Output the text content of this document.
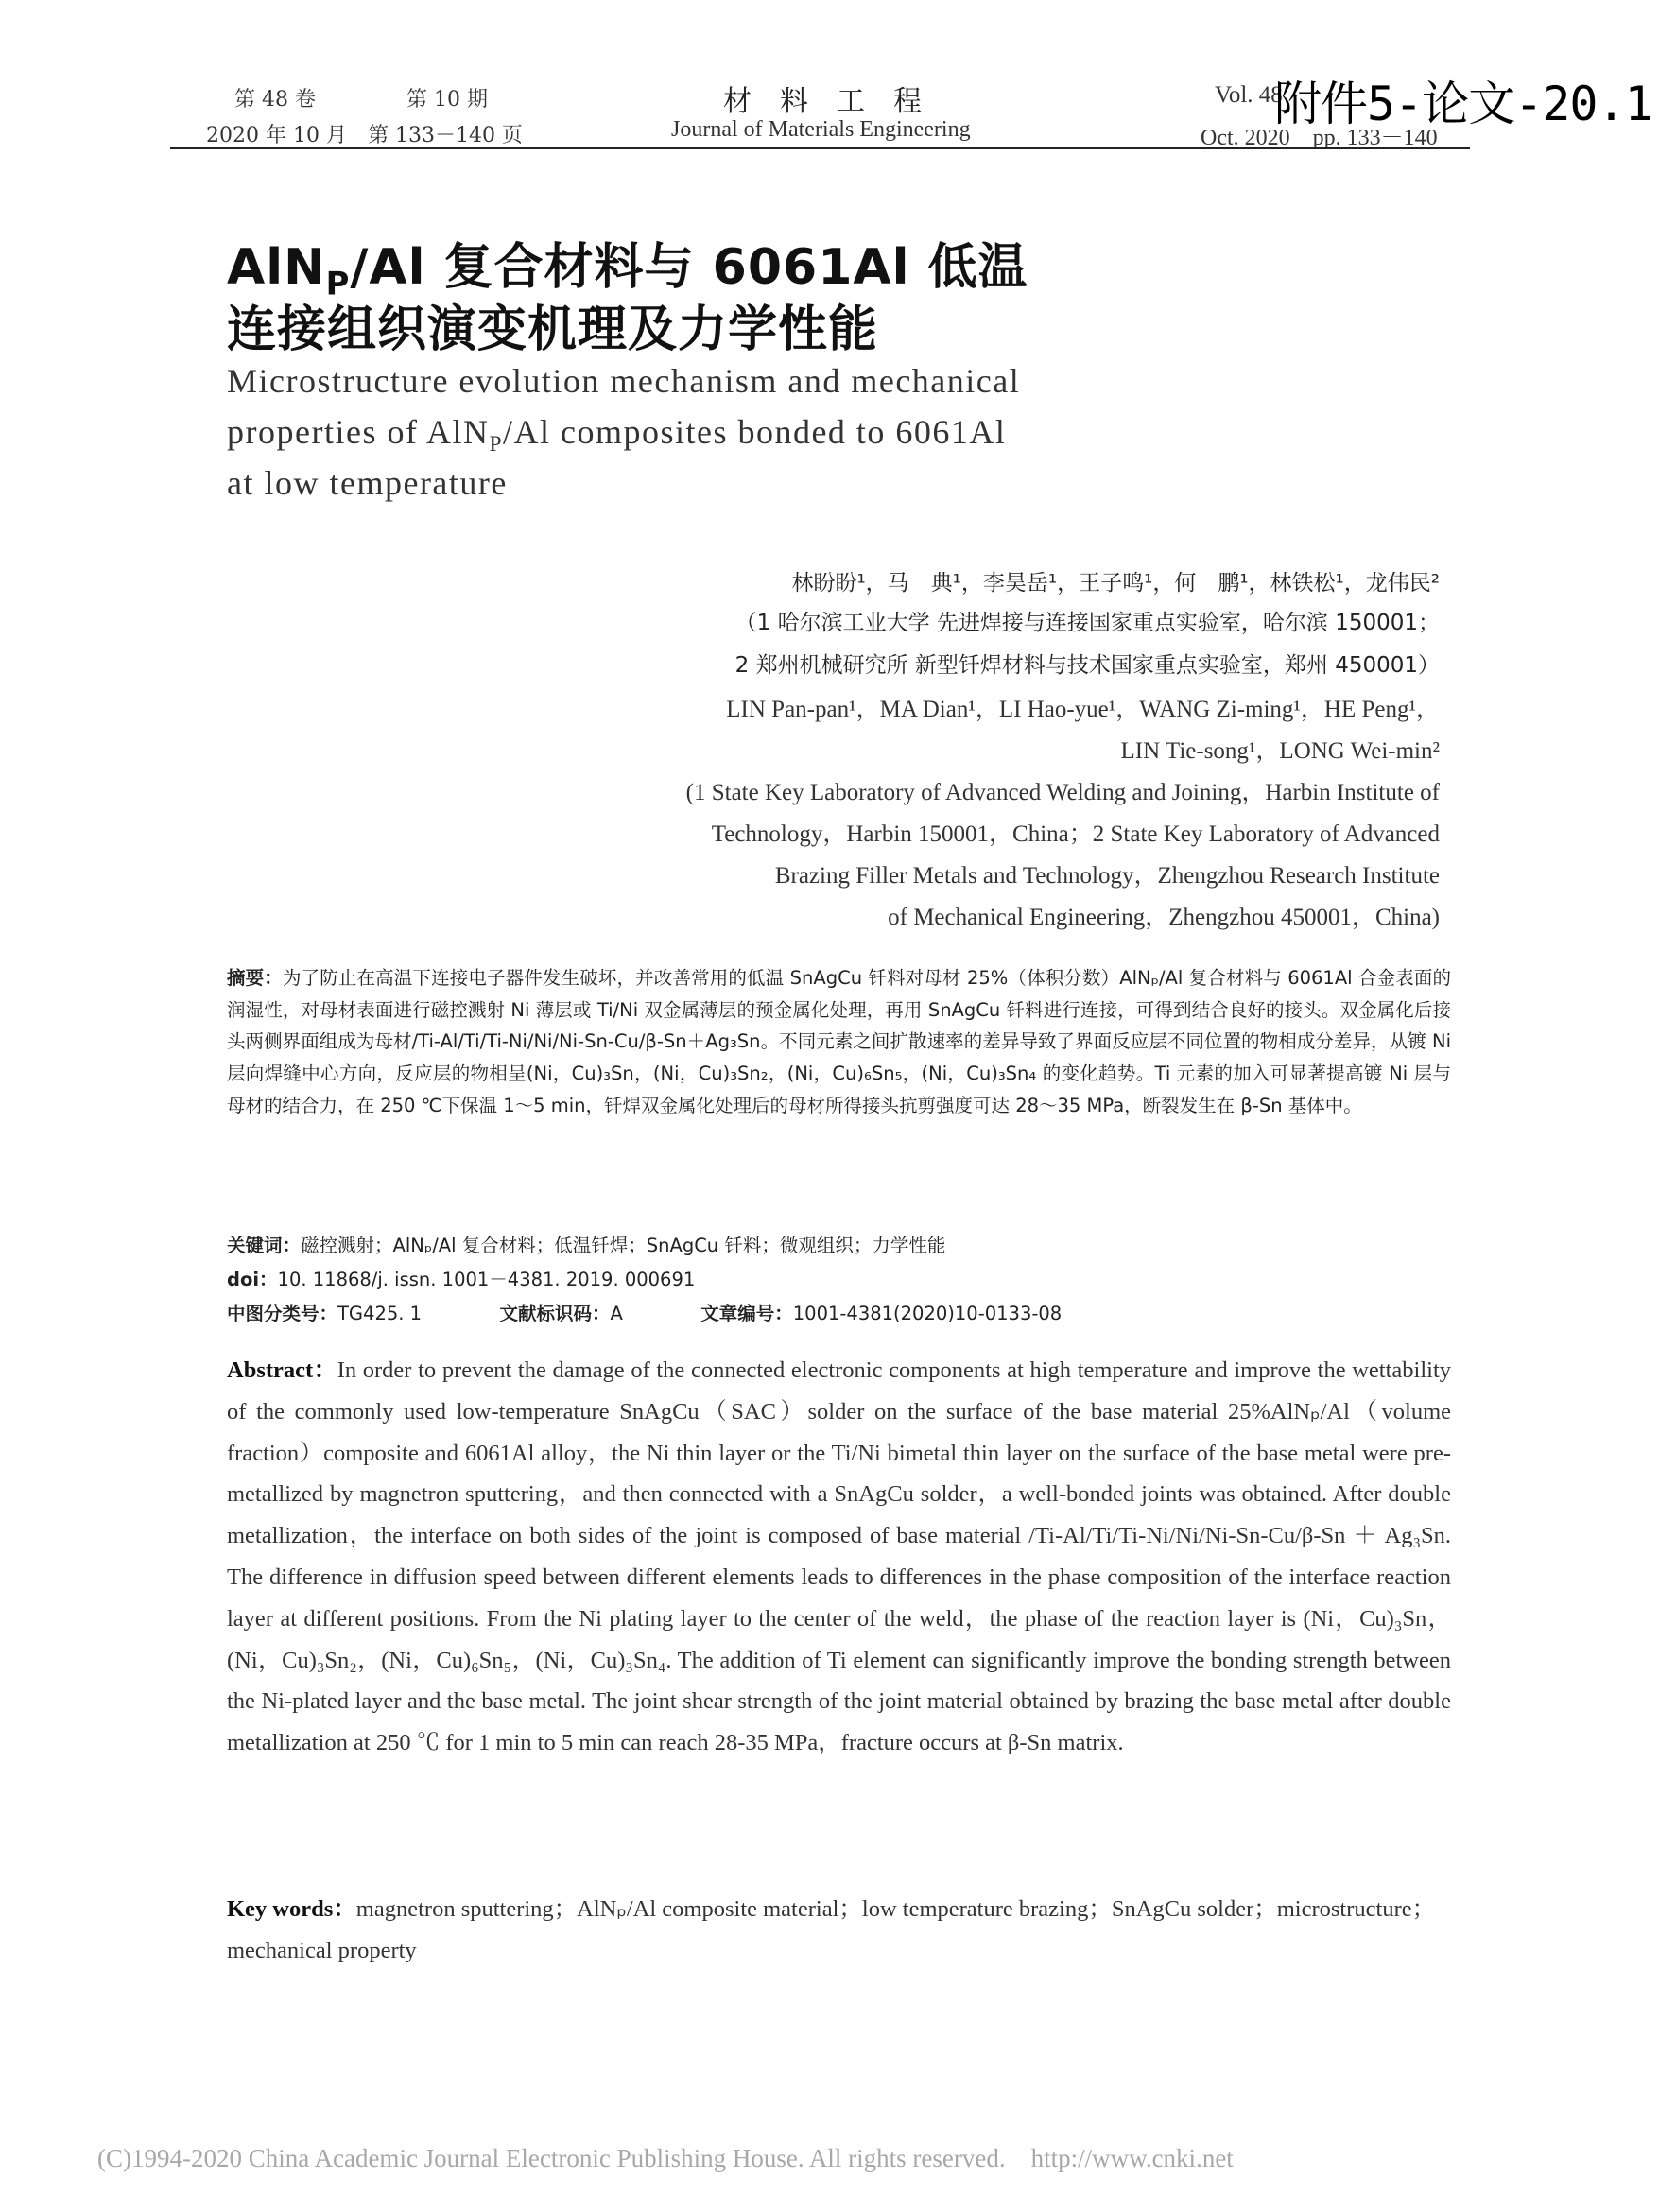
第 48 卷	第 10 期
2020 年 10 月　第 133－140 页
材　料　工　程
Journal of Materials Engineering
Vol. 48
Oct. 2020　pp. 133－140
附件5-论文-20.1
AlN$_P$/Al 复合材料与 6061Al 低温
连接组织演变机理及力学性能
Microstructure evolution mechanism and mechanical
properties of AlN$_P$/Al composites bonded to 6061Al
at low temperature
林盼盼¹，马　典¹，李昊岳¹，王子鸣¹，何　鹏¹，林铁松¹，龙伟民²
（1 哈尔滨工业大学 先进焊接与连接国家重点实验室，哈尔滨 150001；
2 郑州机械研究所 新型钎焊材料与技术国家重点实验室，郑州 450001）
LIN Pan-pan¹，MA Dian¹，LI Hao-yue¹，WANG Zi-ming¹，HE Peng¹，
LIN Tie-song¹，LONG Wei-min²
(1 State Key Laboratory of Advanced Welding and Joining，Harbin Institute of
Technology，Harbin 150001，China；2 State Key Laboratory of Advanced
Brazing Filler Metals and Technology，Zhengzhou Research Institute
of Mechanical Engineering，Zhengzhou 450001，China)
摘要：为了防止在高温下连接电子器件发生破坏，并改善常用的低温 SnAgCu 钎料对母材 25%（体积分数）AlNₚ/Al 复合材料与 6061Al 合金表面的润湿性，对母材表面进行磁控溅射 Ni 薄层或 Ti/Ni 双金属薄层的预金属化处理，再用 SnAgCu 钎料进行连接，可得到结合良好的接头。双金属化后接头两侧界面组成为母材/Ti-Al/Ti/Ti-Ni/Ni/Ni-Sn-Cu/β-Sn＋Ag₃Sn。不同元素之间扩散速率的差异导致了界面反应层不同位置的物相成分差异，从镀 Ni 层向焊缝中心方向，反应层的物相呈(Ni，Cu)₃Sn，(Ni，Cu)₃Sn₂，(Ni，Cu)₆Sn₅，(Ni，Cu)₃Sn₄ 的变化趋势。Ti 元素的加入可显著提高镀 Ni 层与母材的结合力，在 250 ℃下保温 1～5 min，钎焊双金属化处理后的母材所得接头抗剪强度可达 28～35 MPa，断裂发生在 β-Sn 基体中。
关键词：磁控溅射；AlNₚ/Al 复合材料；低温钎焊；SnAgCu 钎料；微观组织；力学性能
doi：10. 11868/j. issn. 1001－4381. 2019. 000691
中图分类号：TG425. 1	文献标识码：A	文章编号：1001-4381(2020)10-0133-08
Abstract：In order to prevent the damage of the connected electronic components at high temperature and improve the wettability of the commonly used low-temperature SnAgCu（SAC）solder on the surface of the base material 25%AlNₚ/Al（volume fraction）composite and 6061Al alloy，the Ni thin layer or the Ti/Ni bimetal thin layer on the surface of the base metal were pre-metallized by magnetron sputtering，and then connected with a SnAgCu solder，a well-bonded joints was obtained. After double metallization，the interface on both sides of the joint is composed of base material /Ti-Al/Ti/Ti-Ni/Ni/Ni-Sn-Cu/β-Sn ＋ Ag₃Sn. The difference in diffusion speed between different elements leads to differences in the phase composition of the interface reaction layer at different positions. From the Ni plating layer to the center of the weld，the phase of the reaction layer is (Ni，Cu)₃Sn，(Ni，Cu)₃Sn₂，(Ni，Cu)₆Sn₅，(Ni，Cu)₃Sn₄. The addition of Ti element can significantly improve the bonding strength between the Ni-plated layer and the base metal. The joint shear strength of the joint material obtained by brazing the base metal after double metallization at 250 ℃ for 1 min to 5 min can reach 28-35 MPa，fracture occurs at β-Sn matrix.
Key words：magnetron sputtering；AlNₚ/Al composite material；low temperature brazing；SnAgCu solder；microstructure；mechanical property
(C)1994-2020 China Academic Journal Electronic Publishing House. All rights reserved. http://www.cnki.net
